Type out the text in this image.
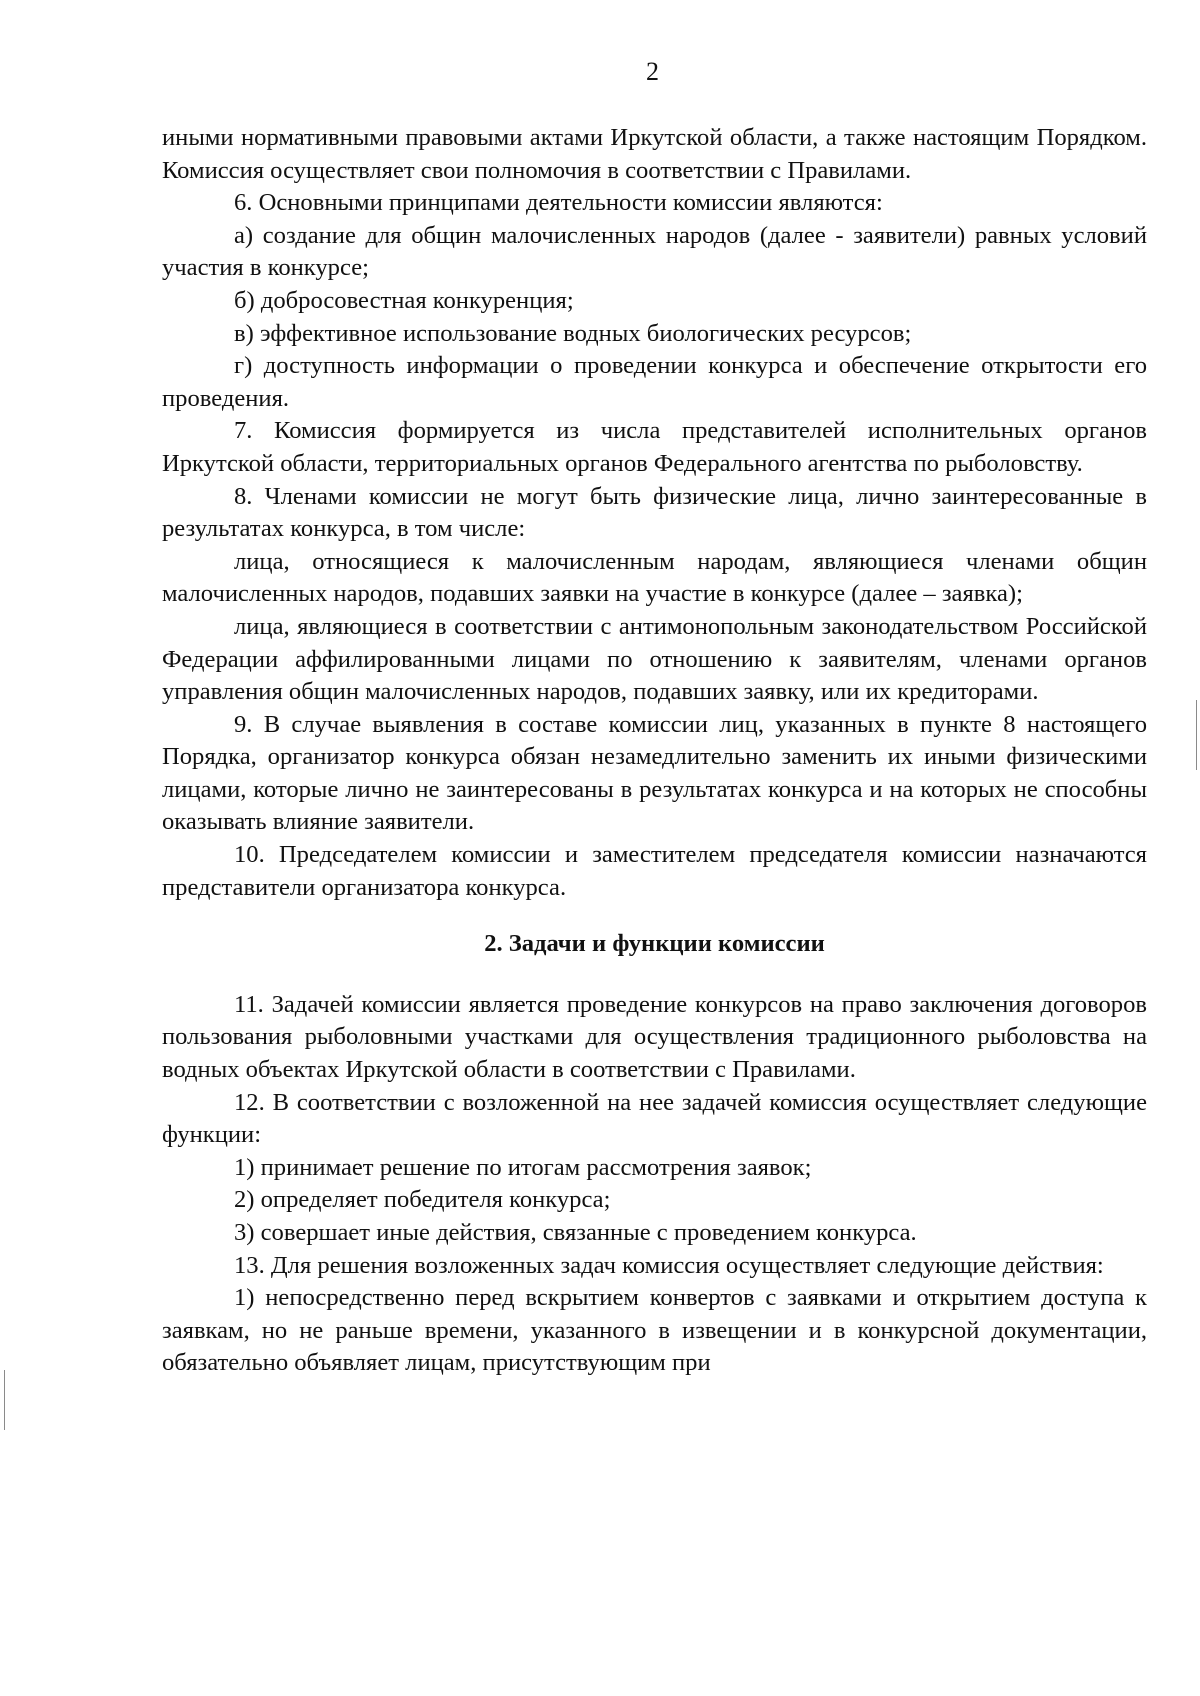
2

иными нормативными правовыми актами Иркутской области, а также настоящим Порядком. Комиссия осуществляет свои полномочия в соответствии с Правилами.

6. Основными принципами деятельности комиссии являются:

а) создание для общин малочисленных народов (далее - заявители) равных условий участия в конкурсе;

б) добросовестная конкуренция;

в) эффективное использование водных биологических ресурсов;

г) доступность информации о проведении конкурса и обеспечение открытости его проведения.

7. Комиссия формируется из числа представителей исполнительных органов Иркутской области, территориальных органов Федерального агентства по рыболовству.

8. Членами комиссии не могут быть физические лица, лично заинтересованные в результатах конкурса, в том числе:

лица, относящиеся к малочисленным народам, являющиеся членами общин малочисленных народов, подавших заявки на участие в конкурсе (далее – заявка);

лица, являющиеся в соответствии с антимонопольным законодательством Российской Федерации аффилированными лицами по отношению к заявителям, членами органов управления общин малочисленных народов, подавших заявку, или их кредиторами.

9. В случае выявления в составе комиссии лиц, указанных в пункте 8 настоящего Порядка, организатор конкурса обязан незамедлительно заменить их иными физическими лицами, которые лично не заинтересованы в результатах конкурса и на которых не способны оказывать влияние заявители.

10. Председателем комиссии и заместителем председателя комиссии назначаются представители организатора конкурса.

2. Задачи и функции комиссии

11. Задачей комиссии является проведение конкурсов на право заключения договоров пользования рыболовными участками для осуществления традиционного рыболовства на водных объектах Иркутской области в соответствии с Правилами.

12. В соответствии с возложенной на нее задачей комиссия осуществляет следующие функции:

1) принимает решение по итогам рассмотрения заявок;

2) определяет победителя конкурса;

3) совершает иные действия, связанные с проведением конкурса.

13. Для решения возложенных задач комиссия осуществляет следующие действия:

1) непосредственно перед вскрытием конвертов с заявками и открытием доступа к заявкам, но не раньше времени, указанного в извещении и в конкурсной документации, обязательно объявляет лицам, присутствующим при
